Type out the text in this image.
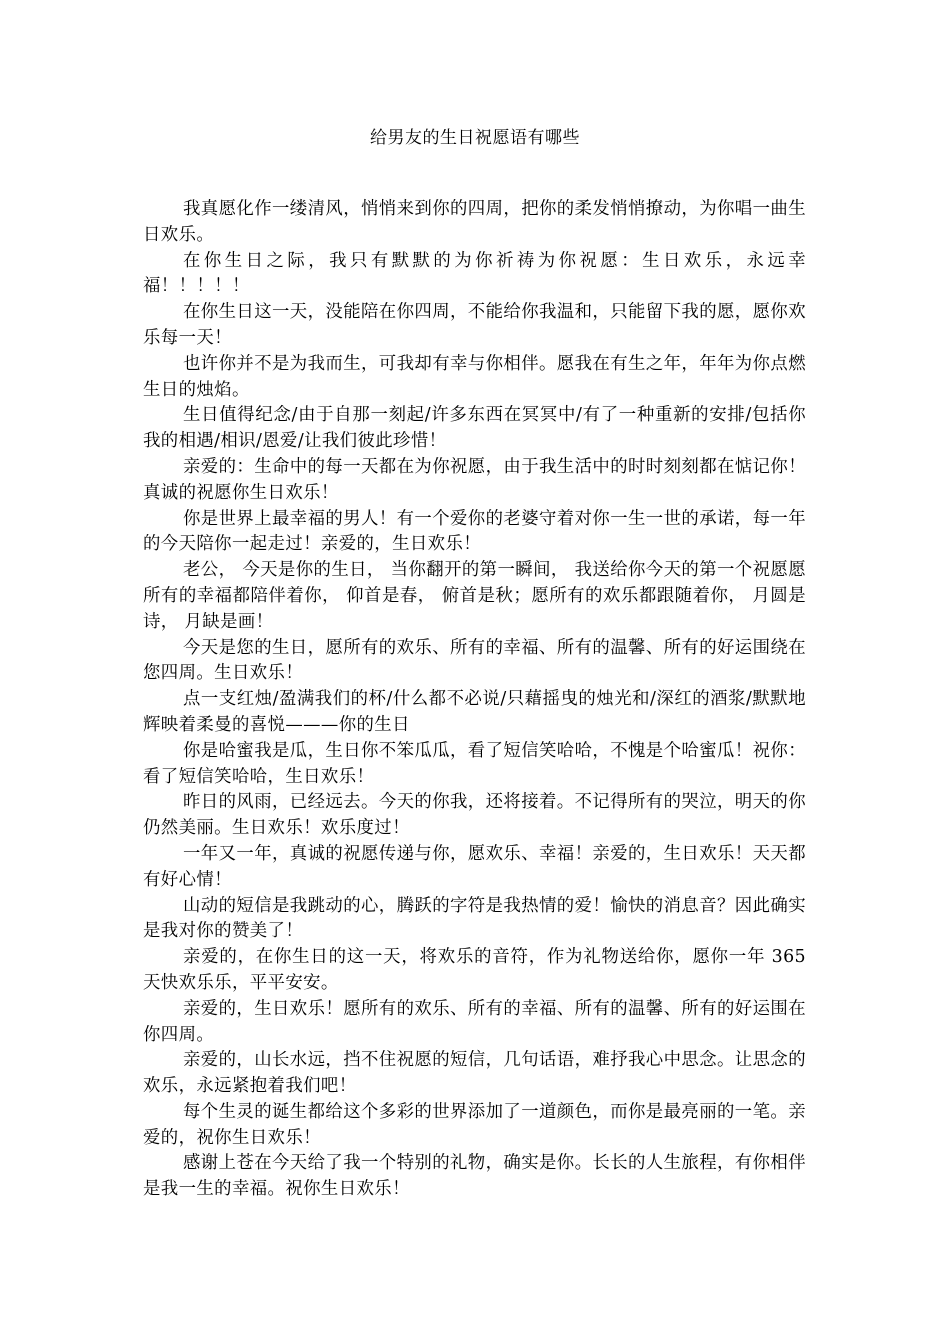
给男友的生日祝愿语有哪些

我真愿化作一缕清风，悄悄来到你的四周，把你的柔发悄悄撩动，为你唱一曲生日欢乐。

在你生日之际，我只有默默的为你祈祷为你祝愿：生日欢乐，永远幸福！！！！！

在你生日这一天，没能陪在你四周，不能给你我温和，只能留下我的愿，愿你欢乐每一天！

也许你并不是为我而生，可我却有幸与你相伴。愿我在有生之年，年年为你点燃生日的烛焰。

生日值得纪念/由于自那一刻起/许多东西在冥冥中/有了一种重新的安排/包括你我的相遇/相识/恩爱/让我们彼此珍惜！

亲爱的：生命中的每一天都在为你祝愿，由于我生活中的时时刻刻都在惦记你！真诚的祝愿你生日欢乐！

你是世界上最幸福的男人！有一个爱你的老婆守着对你一生一世的承诺，每一年的今天陪你一起走过！亲爱的，生日欢乐！

老公， 今天是你的生日， 当你翻开的第一瞬间， 我送给你今天的第一个祝愿愿所有的幸福都陪伴着你， 仰首是春， 俯首是秋；愿所有的欢乐都跟随着你， 月圆是诗， 月缺是画！

今天是您的生日，愿所有的欢乐、所有的幸福、所有的温馨、所有的好运围绕在您四周。生日欢乐！

点一支红烛/盈满我们的杯/什么都不必说/只藉摇曳的烛光和/深红的酒浆/默默地辉映着柔曼的喜悦———你的生日

你是哈蜜我是瓜，生日你不笨瓜瓜，看了短信笑哈哈，不愧是个哈蜜瓜！祝你：看了短信笑哈哈，生日欢乐！

昨日的风雨，已经远去。今天的你我，还将接着。不记得所有的哭泣，明天的你仍然美丽。生日欢乐！欢乐度过！

一年又一年，真诚的祝愿传递与你，愿欢乐、幸福！亲爱的，生日欢乐！天天都有好心情！

山动的短信是我跳动的心，腾跃的字符是我热情的爱！愉快的消息音？因此确实是我对你的赞美了！

亲爱的，在你生日的这一天，将欢乐的音符，作为礼物送给你，愿你一年 365 天快欢乐乐，平平安安。

亲爱的，生日欢乐！愿所有的欢乐、所有的幸福、所有的温馨、所有的好运围在你四周。

亲爱的，山长水远，挡不住祝愿的短信，几句话语，难抒我心中思念。让思念的欢乐，永远紧抱着我们吧！

每个生灵的诞生都给这个多彩的世界添加了一道颜色，而你是最亮丽的一笔。亲爱的，祝你生日欢乐！

感谢上苍在今天给了我一个特别的礼物，确实是你。长长的人生旅程，有你相伴是我一生的幸福。祝你生日欢乐！
